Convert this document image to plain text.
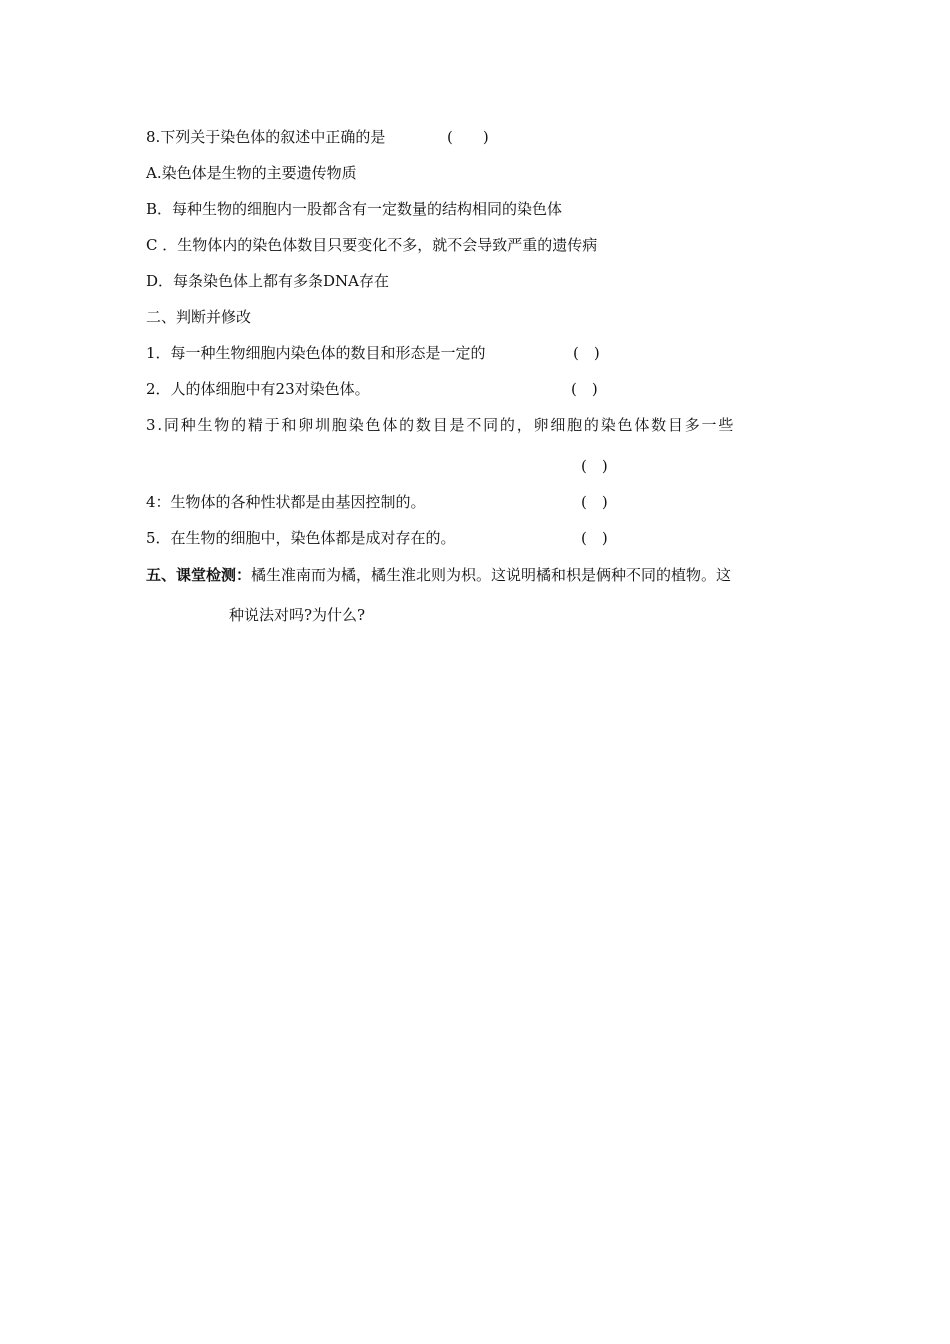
8.下列关于染色体的叙述中正确的是	(　　)
A.染色体是生物的主要遗传物质
B．每种生物的细胞内一股都含有一定数量的结构相同的染色体
C ．生物体内的染色体数目只要变化不多，就不会导致严重的遗传病
D．每条染色体上都有多条DNA存在
二、判断并修改
1．每一种生物细胞内染色体的数目和形态是一定的	(　)
2．人的体细胞中有23对染色体。	(　)
3.同种生物的精于和卵圳胞染色体的数目是不同的，卵细胞的染色体数目多一些
(　)
4：生物体的各种性状都是由基因控制的。	(　)
5．在生物的细胞中，染色体都是成对存在的。	(　)
五、课堂检测：橘生准南而为橘，橘生淮北则为枳。这说明橘和枳是俩种不同的植物。这
种说法对吗?为什么?
